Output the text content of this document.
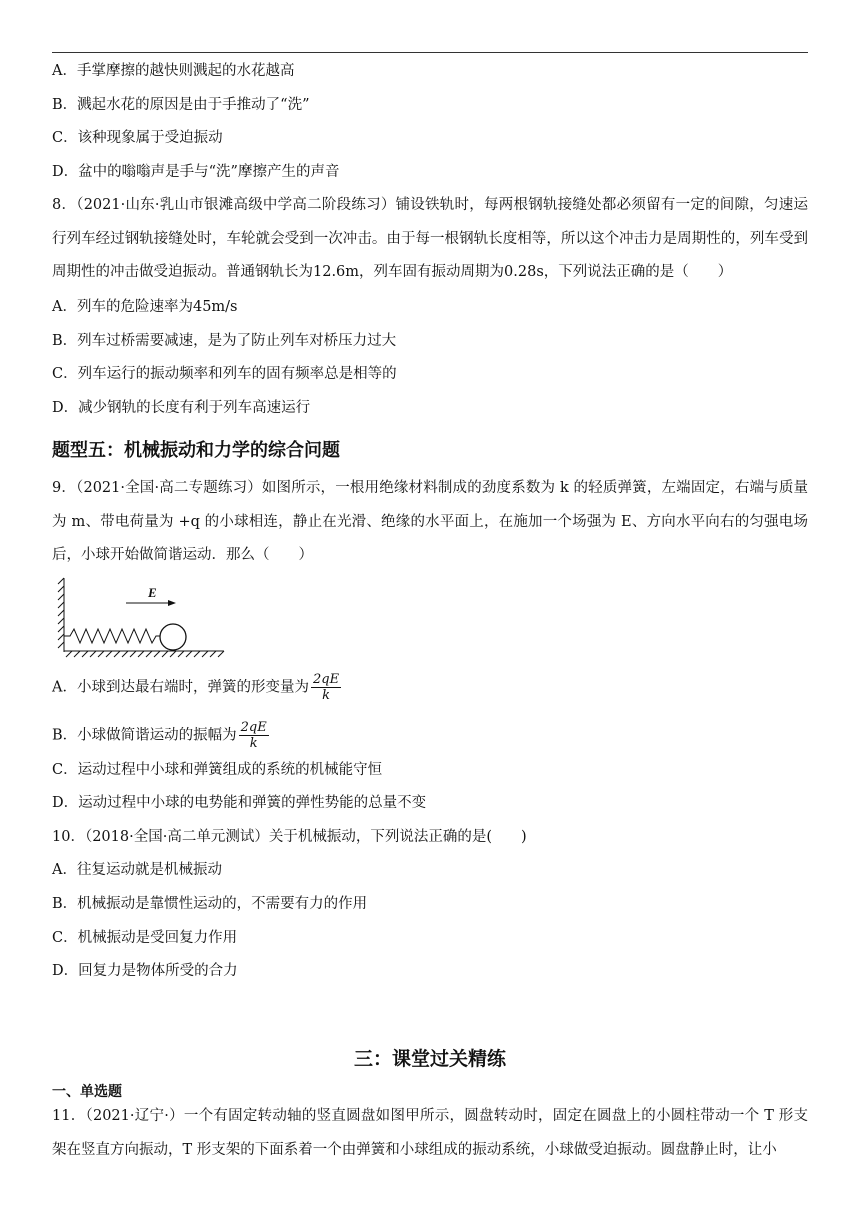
A．手掌摩擦的越快则溅起的水花越高
B．溅起水花的原因是由于手推动了“洗”
C．该种现象属于受迫振动
D．盆中的嗡嗡声是手与“洗”摩擦产生的声音
8．（2021·山东·乳山市银滩高级中学高二阶段练习）铺设铁轨时，每两根钢轨接缝处都必须留有一定的间隙，匀速运行列车经过钢轨接缝处时，车轮就会受到一次冲击。由于每一根钢轨长度相等，所以这个冲击力是周期性的，列车受到周期性的冲击做受迫振动。普通钢轨长为12.6m，列车固有振动周期为0.28s，下列说法正确的是（　　）
A．列车的危险速率为45m/s
B．列车过桥需要减速，是为了防止列车对桥压力过大
C．列车运行的振动频率和列车的固有频率总是相等的
D．减少钢轨的长度有利于列车高速运行
题型五：机械振动和力学的综合问题
9．（2021·全国·高二专题练习）如图所示，一根用绝缘材料制成的劲度系数为 k 的轻质弹簧，左端固定，右端与质量为 m、带电荷量为 +q 的小球相连，静止在光滑、绝缘的水平面上，在施加一个场强为 E、方向水平向右的匀强电场后，小球开始做简谐运动．那么（　　）
E
A．小球到达最右端时，弹簧的形变量为 $\frac{2qE}{k}$
B．小球做简谐运动的振幅为 $\frac{2qE}{k}$
C．运动过程中小球和弹簧组成的系统的机械能守恒
D．运动过程中小球的电势能和弹簧的弹性势能的总量不变
10．（2018·全国·高二单元测试）关于机械振动，下列说法正确的是(　　)
A．往复运动就是机械振动
B．机械振动是靠惯性运动的，不需要有力的作用
C．机械振动是受回复力作用
D．回复力是物体所受的合力
三：课堂过关精练
一、单选题
11．（2021·辽宁·）一个有固定转动轴的竖直圆盘如图甲所示，圆盘转动时，固定在圆盘上的小圆柱带动一个 T 形支架在竖直方向振动，T 形支架的下面系着一个由弹簧和小球组成的振动系统，小球做受迫振动。圆盘静止时，让小
